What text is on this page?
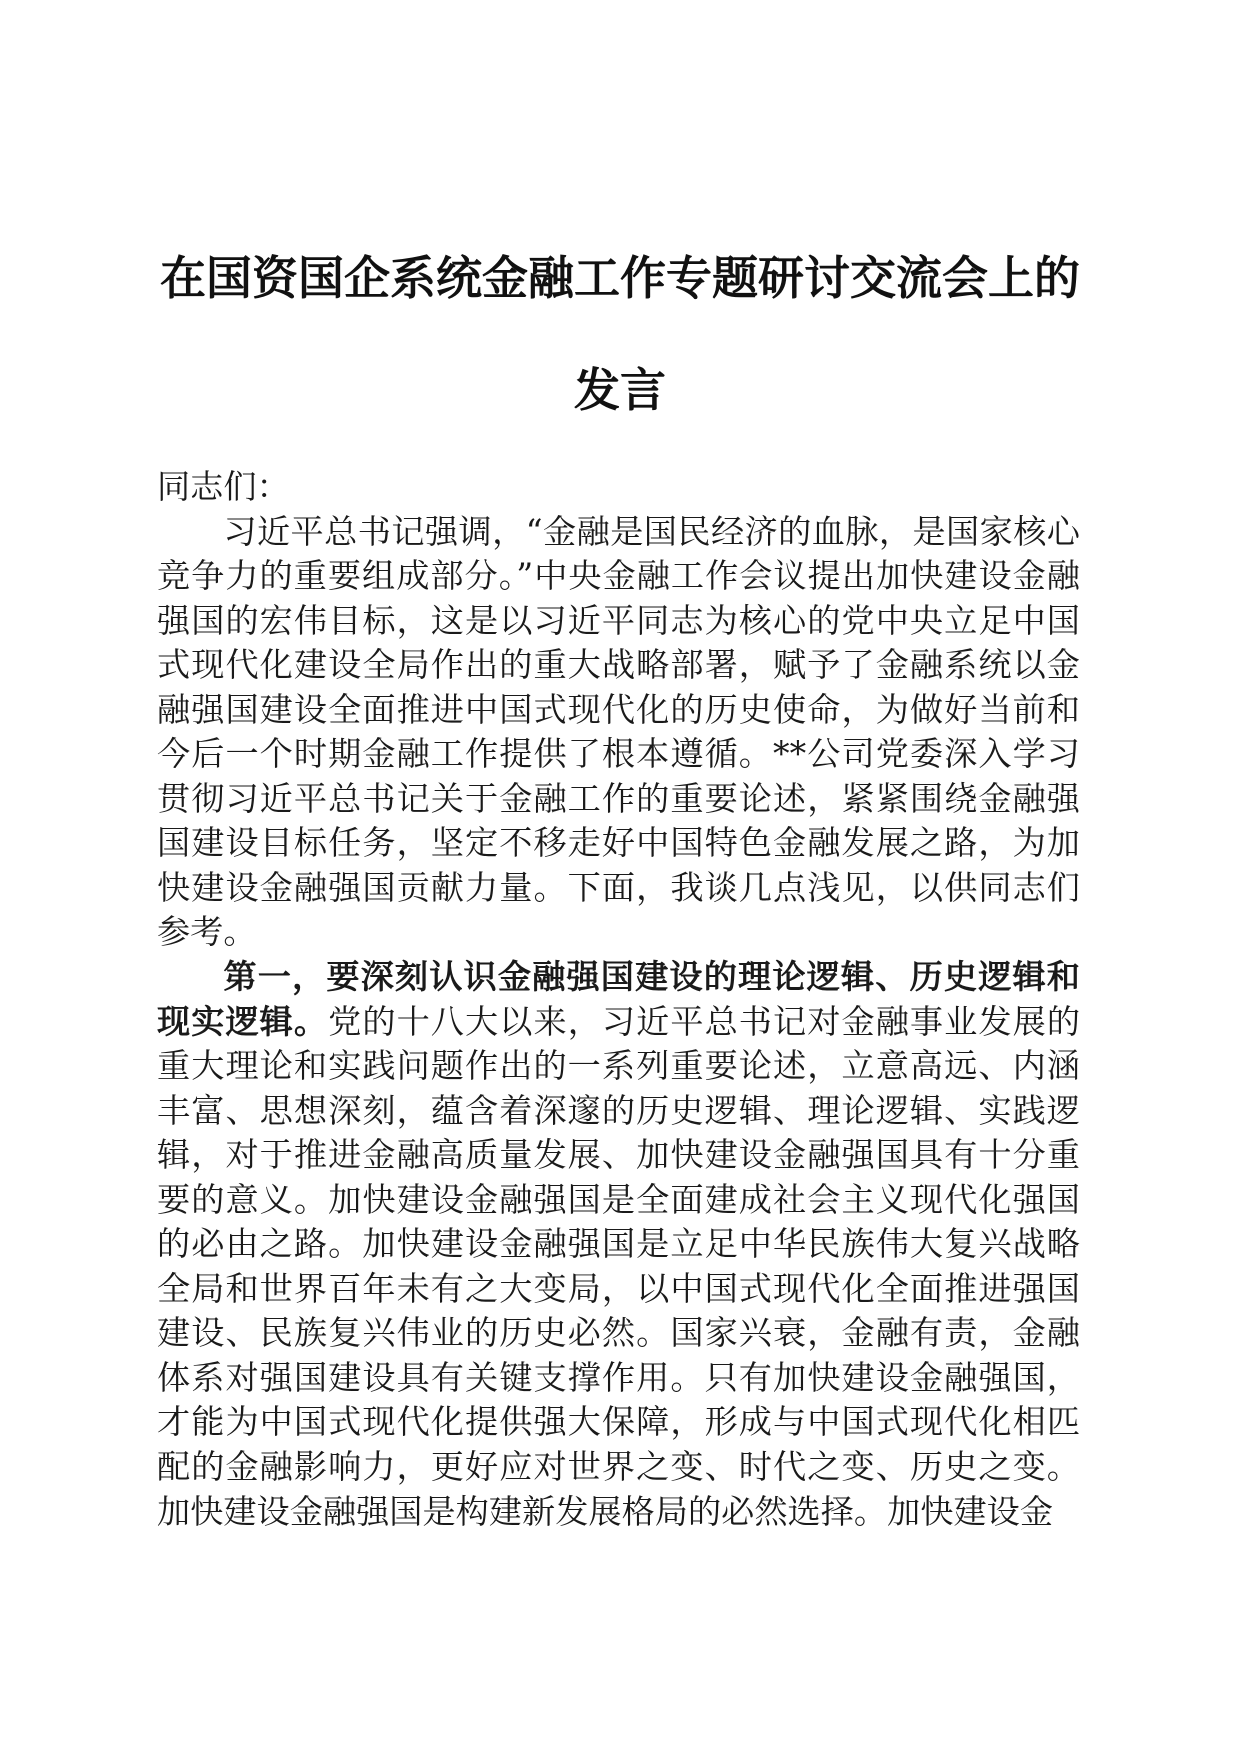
在国资国企系统金融工作专题研讨交流会上的
发言

同志们：

习近平总书记强调，“金融是国民经济的血脉，是国家核心竞争力的重要组成部分。”中央金融工作会议提出加快建设金融强国的宏伟目标，这是以习近平同志为核心的党中央立足中国式现代化建设全局作出的重大战略部署，赋予了金融系统以金融强国建设全面推进中国式现代化的历史使命，为做好当前和今后一个时期金融工作提供了根本遵循。**公司党委深入学习贯彻习近平总书记关于金融工作的重要论述，紧紧围绕金融强国建设目标任务，坚定不移走好中国特色金融发展之路，为加快建设金融强国贡献力量。下面，我谈几点浅见，以供同志们参考。

第一，要深刻认识金融强国建设的理论逻辑、历史逻辑和现实逻辑。党的十八大以来，习近平总书记对金融事业发展的重大理论和实践问题作出的一系列重要论述，立意高远、内涵丰富、思想深刻，蕴含着深邃的历史逻辑、理论逻辑、实践逻辑，对于推进金融高质量发展、加快建设金融强国具有十分重要的意义。加快建设金融强国是全面建成社会主义现代化强国的必由之路。加快建设金融强国是立足中华民族伟大复兴战略全局和世界百年未有之大变局，以中国式现代化全面推进强国建设、民族复兴伟业的历史必然。国家兴衰，金融有责，金融体系对强国建设具有关键支撑作用。只有加快建设金融强国，才能为中国式现代化提供强大保障，形成与中国式现代化相匹配的金融影响力，更好应对世界之变、时代之变、历史之变。加快建设金融强国是构建新发展格局的必然选择。加快建设金
